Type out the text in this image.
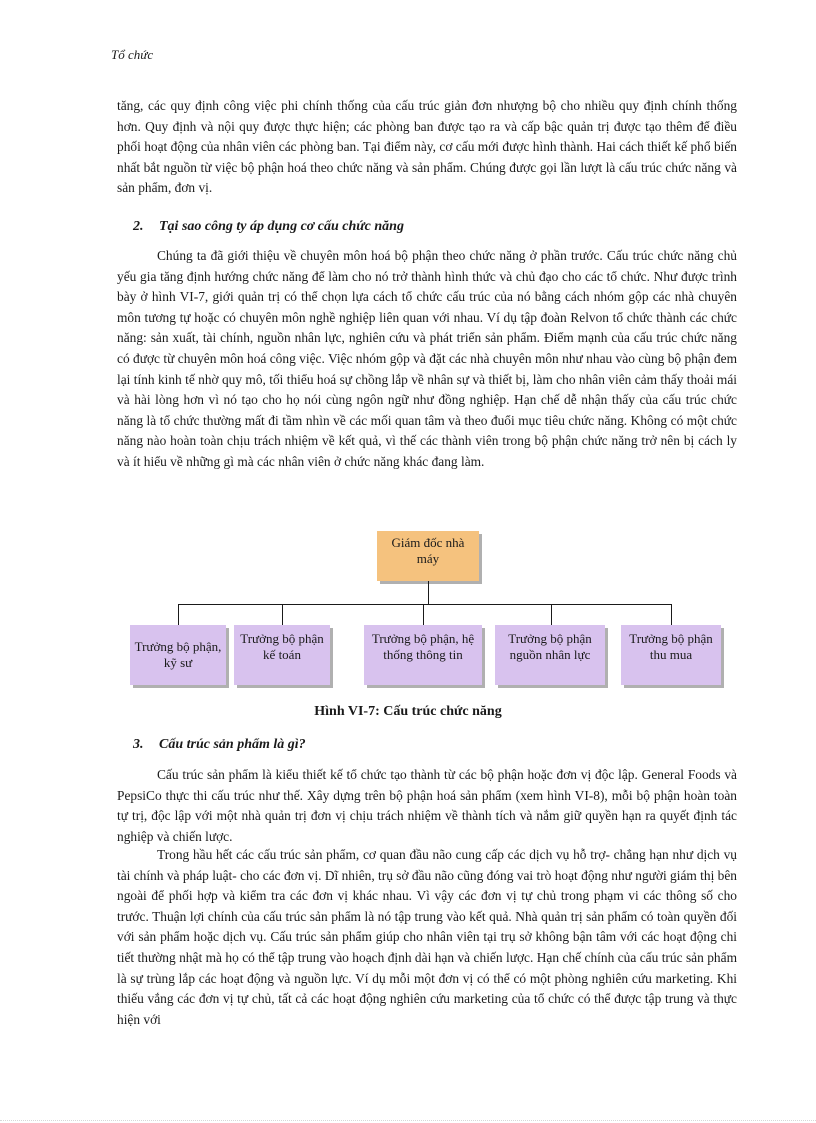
Tổ chức

tăng, các quy định công việc phi chính thống của cấu trúc giản đơn nhượng bộ cho nhiều quy định chính thống hơn. Quy định và nội quy được thực hiện; các phòng ban được tạo ra và cấp bậc quản trị được tạo thêm để điều phối hoạt động của nhân viên các phòng ban. Tại điểm này, cơ cấu mới được hình thành. Hai cách thiết kế phổ biến nhất bắt nguồn từ việc bộ phận hoá theo chức năng và sản phẩm. Chúng được gọi lần lượt là cấu trúc chức năng và sản phẩm, đơn vị.

2. Tại sao công ty áp dụng cơ cấu chức năng

Chúng ta đã giới thiệu về chuyên môn hoá bộ phận theo chức năng ở phần trước. Cấu trúc chức năng chủ yếu gia tăng định hướng chức năng để làm cho nó trở thành hình thức và chủ đạo cho các tổ chức. Như được trình bày ở hình VI-7, giới quản trị có thể chọn lựa cách tổ chức cấu trúc của nó bằng cách nhóm gộp các nhà chuyên môn tương tự hoặc có chuyên môn nghề nghiệp liên quan với nhau. Ví dụ tập đoàn Relvon tổ chức thành các chức năng: sản xuất, tài chính, nguồn nhân lực, nghiên cứu và phát triển sản phẩm. Điểm mạnh của cấu trúc chức năng có được từ chuyên môn hoá công việc. Việc nhóm gộp và đặt các nhà chuyên môn như nhau vào cùng bộ phận đem lại tính kinh tế nhờ quy mô, tối thiểu hoá sự chồng lắp về nhân sự và thiết bị, làm cho nhân viên cảm thấy thoải mái và hài lòng hơn vì nó tạo cho họ nói cùng ngôn ngữ như đồng nghiệp. Hạn chế dễ nhận thấy của cấu trúc chức năng là tổ chức thường mất đi tầm nhìn về các mối quan tâm và theo đuổi mục tiêu chức năng. Không có một chức năng nào hoàn toàn chịu trách nhiệm về kết quả, vì thế các thành viên trong bộ phận chức năng trở nên bị cách ly và ít hiểu về những gì mà các nhân viên ở chức năng khác đang làm.

Giám đốc nhà máy
Trưởng bộ phận, kỹ sư
Trưởng bộ phận kế toán
Trưởng bộ phận, hệ thống thông tin
Trưởng bộ phận nguồn nhân lực
Trưởng bộ phận thu mua
Hình VI-7: Cấu trúc chức năng
3. Cấu trúc sản phẩm là gì?

Cấu trúc sản phẩm là kiểu thiết kế tổ chức tạo thành từ các bộ phận hoặc đơn vị độc lập. General Foods và PepsiCo thực thi cấu trúc như thế. Xây dựng trên bộ phận hoá sản phẩm (xem hình VI-8), mỗi bộ phận hoàn toàn tự trị, độc lập với một nhà quản trị đơn vị chịu trách nhiệm về thành tích và nắm giữ quyền hạn ra quyết định tác nghiệp và chiến lược.

Trong hầu hết các cấu trúc sản phẩm, cơ quan đầu não cung cấp các dịch vụ hỗ trợ- chẳng hạn như dịch vụ tài chính và pháp luật- cho các đơn vị. Dĩ nhiên, trụ sở đầu não cũng đóng vai trò hoạt động như người giám thị bên ngoài để phối hợp và kiểm tra các đơn vị khác nhau. Vì vậy các đơn vị tự chủ trong phạm vi các thông số cho trước. Thuận lợi chính của cấu trúc sản phẩm là nó tập trung vào kết quả. Nhà quản trị sản phẩm có toàn quyền đối với sản phẩm hoặc dịch vụ. Cấu trúc sản phẩm giúp cho nhân viên tại trụ sở không bận tâm với các hoạt động chi tiết thường nhật mà họ có thể tập trung vào hoạch định dài hạn và chiến lược. Hạn chế chính của cấu trúc sản phẩm là sự trùng lắp các hoạt động và nguồn lực. Ví dụ mỗi một đơn vị có thể có một phòng nghiên cứu marketing. Khi thiếu vắng các đơn vị tự chủ, tất cả các hoạt động nghiên cứu marketing của tổ chức có thể được tập trung và thực hiện với
